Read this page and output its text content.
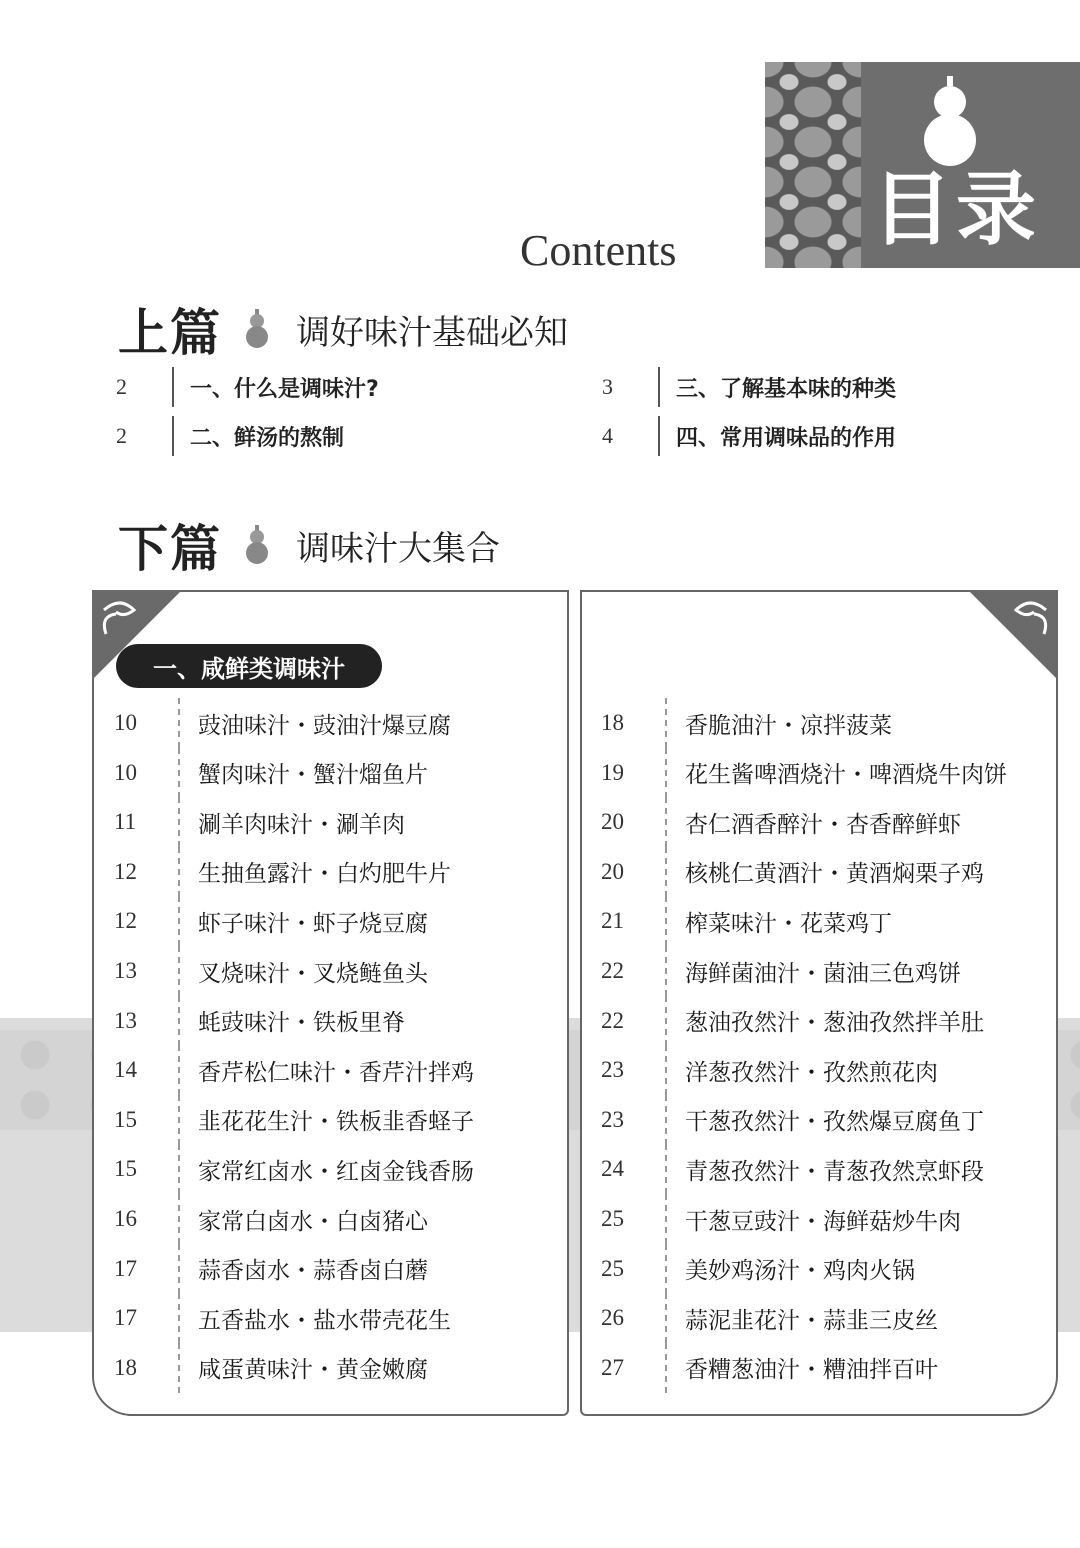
目录
Contents
上篇 调好味汁基础必知
2	一、什么是调味汁?
2	二、鲜汤的熬制
3	三、了解基本味的种类
4	四、常用调味品的作用
下篇 调味汁大集合
一、咸鲜类调味汁
10	豉油味汁・豉油汁爆豆腐
10	蟹肉味汁・蟹汁熘鱼片
11	涮羊肉味汁・涮羊肉
12	生抽鱼露汁・白灼肥牛片
12	虾子味汁・虾子烧豆腐
13	叉烧味汁・叉烧鲢鱼头
13	蚝豉味汁・铁板里脊
14	香芹松仁味汁・香芹汁拌鸡
15	韭花花生汁・铁板韭香蛏子
15	家常红卤水・红卤金钱香肠
16	家常白卤水・白卤猪心
17	蒜香卤水・蒜香卤白蘑
17	五香盐水・盐水带壳花生
18	咸蛋黄味汁・黄金嫩腐
18	香脆油汁・凉拌菠菜
19	花生酱啤酒烧汁・啤酒烧牛肉饼
20	杏仁酒香醉汁・杏香醉鲜虾
20	核桃仁黄酒汁・黄酒焖栗子鸡
21	榨菜味汁・花菜鸡丁
22	海鲜菌油汁・菌油三色鸡饼
22	葱油孜然汁・葱油孜然拌羊肚
23	洋葱孜然汁・孜然煎花肉
23	干葱孜然汁・孜然爆豆腐鱼丁
24	青葱孜然汁・青葱孜然烹虾段
25	干葱豆豉汁・海鲜菇炒牛肉
25	美妙鸡汤汁・鸡肉火锅
26	蒜泥韭花汁・蒜韭三皮丝
27	香糟葱油汁・糟油拌百叶
